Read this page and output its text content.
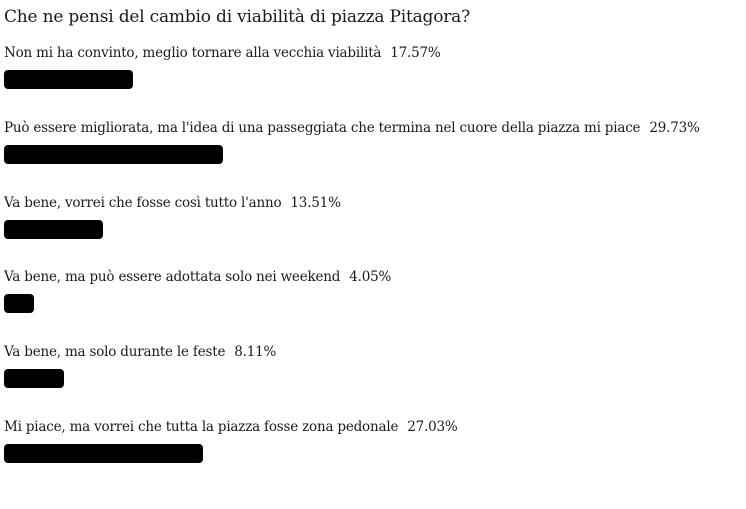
Che ne pensi del cambio di viabilità di piazza Pitagora?
Non mi ha convinto, meglio tornare alla vecchia viabilità 17.57%
Può essere migliorata, ma l'idea di una passeggiata che termina nel cuore della piazza mi piace 29.73%
Va bene, vorrei che fosse così tutto l'anno 13.51%
Va bene, ma può essere adottata solo nei weekend 4.05%
Va bene, ma solo durante le feste 8.11%
Mi piace, ma vorrei che tutta la piazza fosse zona pedonale 27.03%
